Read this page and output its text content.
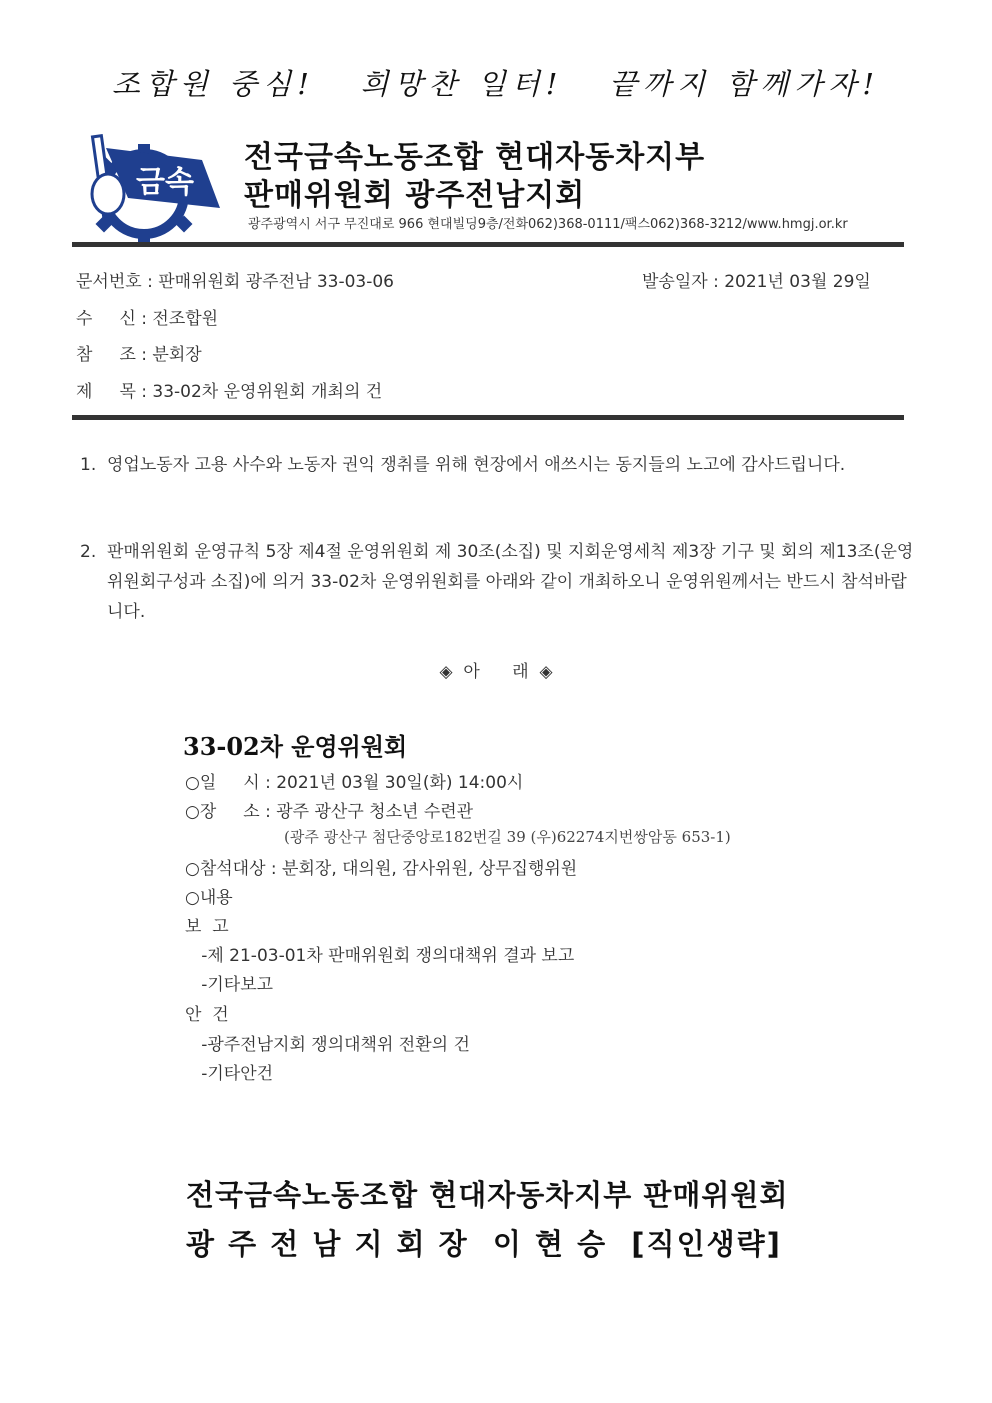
조합원 중심!   희망찬 일터!   끝까지 함께가자!
금속
전국금속노동조합 현대자동차지부
판매위원회 광주전남지회
광주광역시 서구 무진대로 966 현대빌딩9층/전화062)368-0111/팩스062)368-3212/www.hmgj.or.kr
문서번호 : 판매위원회 광주전남 33-03-06	발송일자 : 2021년 03월 29일
수     신 : 전조합원
참     조 : 분회장
제     목 : 33-02차 운영위원회 개최의 건
1. 영업노동자 고용 사수와 노동자 권익 쟁취를 위해 현장에서 애쓰시는 동지들의 노고에 감사드립니다.
2. 판매위원회 운영규칙 5장 제4절 운영위원회 제 30조(소집) 및 지회운영세칙 제3장 기구 및 회의 제13조(운영위원회구성과 소집)에 의거 33-02차 운영위원회를 아래와 같이 개최하오니 운영위원께서는 반드시 참석바랍니다.
◈  아      래  ◈
33-02차 운영위원회
○일     시 : 2021년 03월 30일(화) 14:00시
○장     소 : 광주 광산구 청소년 수련관
(광주 광산구 첨단중앙로182번길 39 (우)62274지번쌍암동 653-1)
○참석대상 : 분회장, 대의원, 감사위원, 상무집행위원
○내용
보  고
-제 21-03-01차 판매위원회 쟁의대책위 결과 보고
-기타보고
안  건
-광주전남지회 쟁의대책위 전환의 건
-기타안건
전국금속노동조합 현대자동차지부 판매위원회
광 주 전 남 지 회 장  이 현 승  [직인생략]
